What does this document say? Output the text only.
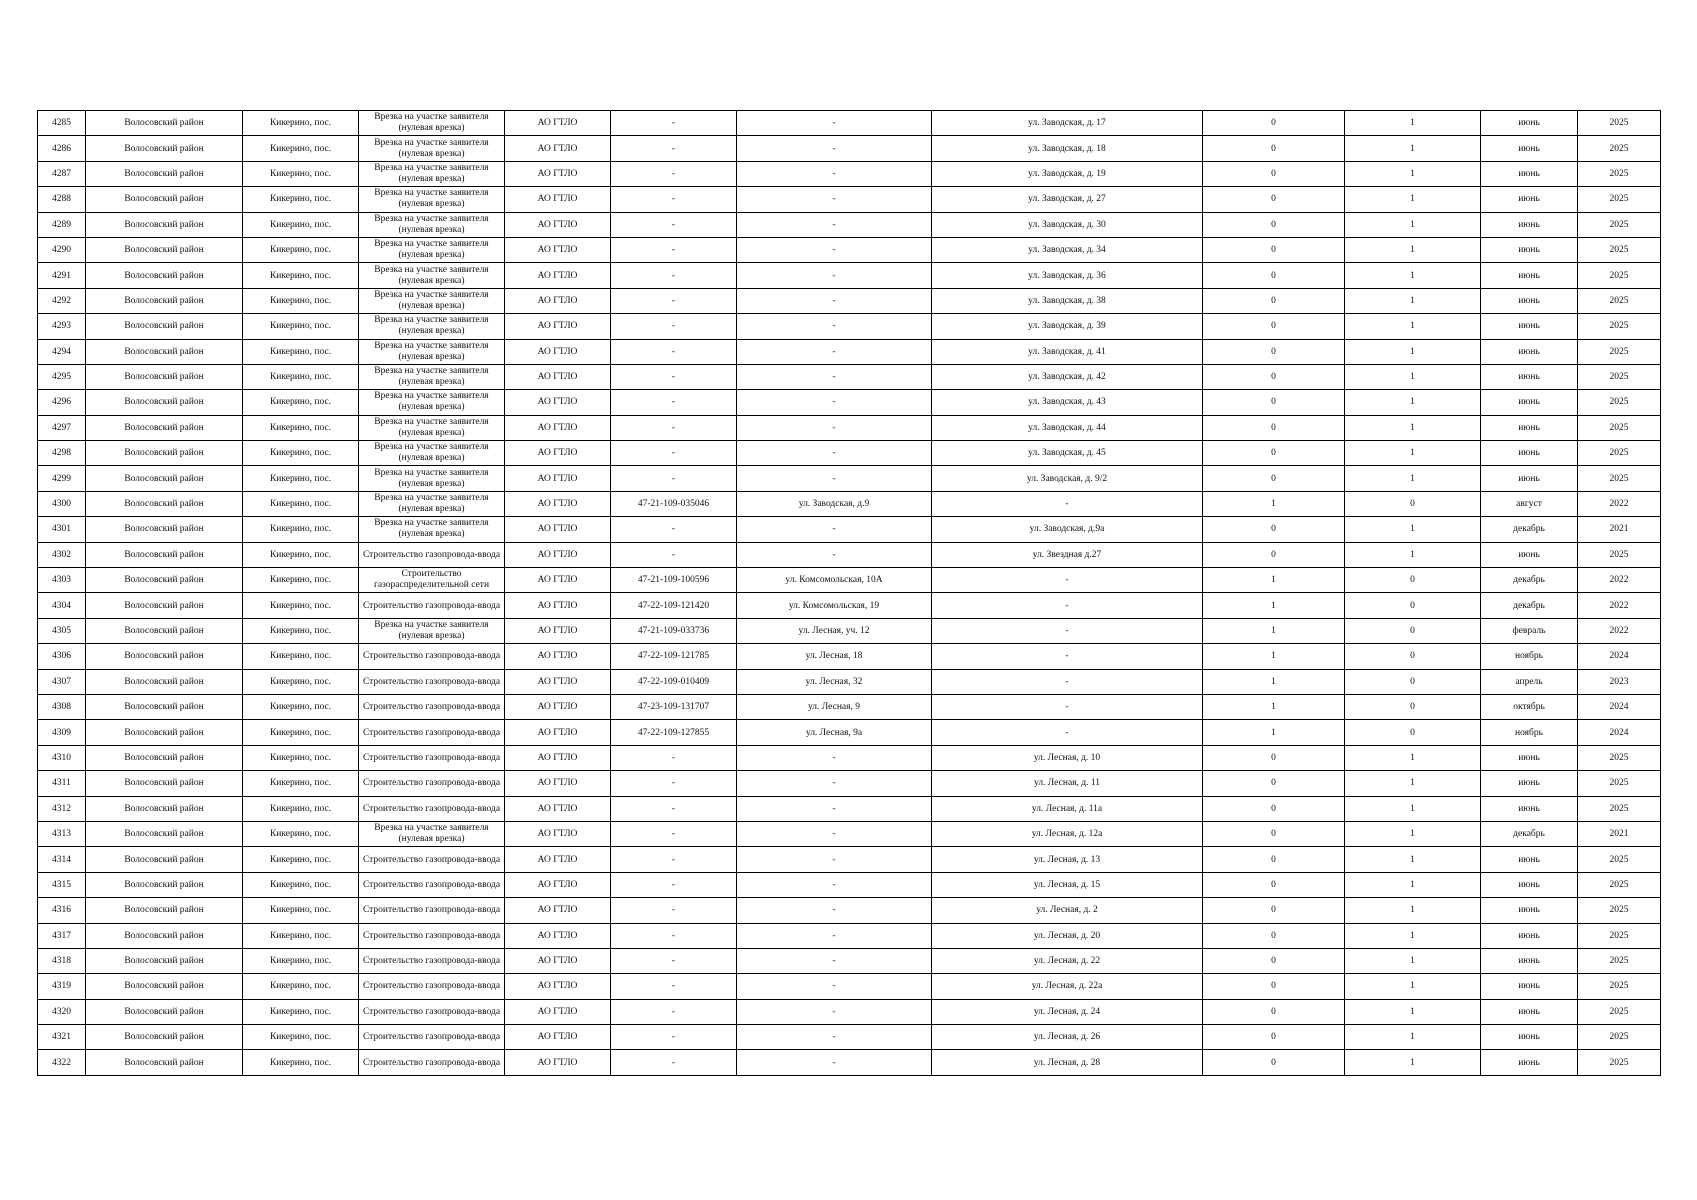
4285	Волосовский район	Кикерино, пос.	Врезка на участке заявителя
(нулевая врезка)	АО ГТЛО	-	-	ул. Заводская, д. 17	0	1	июнь	2025
4286	Волосовский район	Кикерино, пос.	Врезка на участке заявителя
(нулевая врезка)	АО ГТЛО	-	-	ул. Заводская, д. 18	0	1	июнь	2025
4287	Волосовский район	Кикерино, пос.	Врезка на участке заявителя
(нулевая врезка)	АО ГТЛО	-	-	ул. Заводская, д. 19	0	1	июнь	2025
4288	Волосовский район	Кикерино, пос.	Врезка на участке заявителя
(нулевая врезка)	АО ГТЛО	-	-	ул. Заводская, д. 27	0	1	июнь	2025
4289	Волосовский район	Кикерино, пос.	Врезка на участке заявителя
(нулевая врезка)	АО ГТЛО	-	-	ул. Заводская, д. 30	0	1	июнь	2025
4290	Волосовский район	Кикерино, пос.	Врезка на участке заявителя
(нулевая врезка)	АО ГТЛО	-	-	ул. Заводская, д. 34	0	1	июнь	2025
4291	Волосовский район	Кикерино, пос.	Врезка на участке заявителя
(нулевая врезка)	АО ГТЛО	-	-	ул. Заводская, д. 36	0	1	июнь	2025
4292	Волосовский район	Кикерино, пос.	Врезка на участке заявителя
(нулевая врезка)	АО ГТЛО	-	-	ул. Заводская, д. 38	0	1	июнь	2025
4293	Волосовский район	Кикерино, пос.	Врезка на участке заявителя
(нулевая врезка)	АО ГТЛО	-	-	ул. Заводская, д. 39	0	1	июнь	2025
4294	Волосовский район	Кикерино, пос.	Врезка на участке заявителя
(нулевая врезка)	АО ГТЛО	-	-	ул. Заводская, д. 41	0	1	июнь	2025
4295	Волосовский район	Кикерино, пос.	Врезка на участке заявителя
(нулевая врезка)	АО ГТЛО	-	-	ул. Заводская, д. 42	0	1	июнь	2025
4296	Волосовский район	Кикерино, пос.	Врезка на участке заявителя
(нулевая врезка)	АО ГТЛО	-	-	ул. Заводская, д. 43	0	1	июнь	2025
4297	Волосовский район	Кикерино, пос.	Врезка на участке заявителя
(нулевая врезка)	АО ГТЛО	-	-	ул. Заводская, д. 44	0	1	июнь	2025
4298	Волосовский район	Кикерино, пос.	Врезка на участке заявителя
(нулевая врезка)	АО ГТЛО	-	-	ул. Заводская, д. 45	0	1	июнь	2025
4299	Волосовский район	Кикерино, пос.	Врезка на участке заявителя
(нулевая врезка)	АО ГТЛО	-	-	ул. Заводская, д. 9/2	0	1	июнь	2025
4300	Волосовский район	Кикерино, пос.	Врезка на участке заявителя
(нулевая врезка)	АО ГТЛО	47-21-109-035046	ул. Заводская, д.9	-	1	0	август	2022
4301	Волосовский район	Кикерино, пос.	Врезка на участке заявителя
(нулевая врезка)	АО ГТЛО	-	-	ул. Заводская, д.9а	0	1	декабрь	2021
4302	Волосовский район	Кикерино, пос.	Строительство газопровода-ввода	АО ГТЛО	-	-	ул. Звездная д.27	0	1	июнь	2025
4303	Волосовский район	Кикерино, пос.	Строительство
газораспределительной сети	АО ГТЛО	47-21-109-100596	ул. Комсомольская, 10А	-	1	0	декабрь	2022
4304	Волосовский район	Кикерино, пос.	Строительство газопровода-ввода	АО ГТЛО	47-22-109-121420	ул. Комсомольская, 19	-	1	0	декабрь	2022
4305	Волосовский район	Кикерино, пос.	Врезка на участке заявителя
(нулевая врезка)	АО ГТЛО	47-21-109-033736	ул. Лесная, уч. 12	-	1	0	февраль	2022
4306	Волосовский район	Кикерино, пос.	Строительство газопровода-ввода	АО ГТЛО	47-22-109-121785	ул. Лесная, 18	-	1	0	ноябрь	2024
4307	Волосовский район	Кикерино, пос.	Строительство газопровода-ввода	АО ГТЛО	47-22-109-010409	ул. Лесная, 32	-	1	0	апрель	2023
4308	Волосовский район	Кикерино, пос.	Строительство газопровода-ввода	АО ГТЛО	47-23-109-131707	ул. Лесная, 9	-	1	0	октябрь	2024
4309	Волосовский район	Кикерино, пос.	Строительство газопровода-ввода	АО ГТЛО	47-22-109-127855	ул. Лесная, 9а	-	1	0	ноябрь	2024
4310	Волосовский район	Кикерино, пос.	Строительство газопровода-ввода	АО ГТЛО	-	-	ул. Лесная, д. 10	0	1	июнь	2025
4311	Волосовский район	Кикерино, пос.	Строительство газопровода-ввода	АО ГТЛО	-	-	ул. Лесная, д. 11	0	1	июнь	2025
4312	Волосовский район	Кикерино, пос.	Строительство газопровода-ввода	АО ГТЛО	-	-	ул. Лесная, д. 11а	0	1	июнь	2025
4313	Волосовский район	Кикерино, пос.	Врезка на участке заявителя
(нулевая врезка)	АО ГТЛО	-	-	ул. Лесная, д. 12а	0	1	декабрь	2021
4314	Волосовский район	Кикерино, пос.	Строительство газопровода-ввода	АО ГТЛО	-	-	ул. Лесная, д. 13	0	1	июнь	2025
4315	Волосовский район	Кикерино, пос.	Строительство газопровода-ввода	АО ГТЛО	-	-	ул. Лесная, д. 15	0	1	июнь	2025
4316	Волосовский район	Кикерино, пос.	Строительство газопровода-ввода	АО ГТЛО	-	-	ул. Лесная, д. 2	0	1	июнь	2025
4317	Волосовский район	Кикерино, пос.	Строительство газопровода-ввода	АО ГТЛО	-	-	ул. Лесная, д. 20	0	1	июнь	2025
4318	Волосовский район	Кикерино, пос.	Строительство газопровода-ввода	АО ГТЛО	-	-	ул. Лесная, д. 22	0	1	июнь	2025
4319	Волосовский район	Кикерино, пос.	Строительство газопровода-ввода	АО ГТЛО	-	-	ул. Лесная, д. 22а	0	1	июнь	2025
4320	Волосовский район	Кикерино, пос.	Строительство газопровода-ввода	АО ГТЛО	-	-	ул. Лесная, д. 24	0	1	июнь	2025
4321	Волосовский район	Кикерино, пос.	Строительство газопровода-ввода	АО ГТЛО	-	-	ул. Лесная, д. 26	0	1	июнь	2025
4322	Волосовский район	Кикерино, пос.	Строительство газопровода-ввода	АО ГТЛО	-	-	ул. Лесная, д. 28	0	1	июнь	2025
